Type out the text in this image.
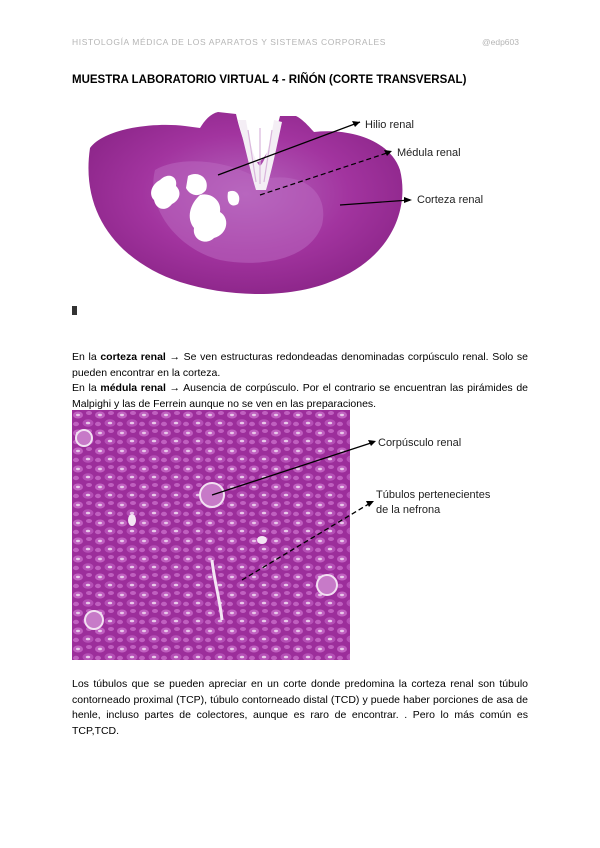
HISTOLOGÍA MÉDICA DE LOS APARATOS Y SISTEMAS CORPORALES	@edp603
MUESTRA LABORATORIO VIRTUAL 4 - RIÑÓN (CORTE TRANSVERSAL)
Hilio renal
Médula renal
Corteza renal
En la corteza renal → Se ven estructuras redondeadas denominadas corpúsculo renal. Solo se pueden encontrar en la corteza.
En la médula renal → Ausencia de corpúsculo. Por el contrario se encuentran las pirámides de Malpighi y las de Ferrein aunque no se ven en las preparaciones.
Corpúsculo renal
Túbulos pertenecientes
de la nefrona
Los túbulos que se pueden apreciar en un corte donde predomina la corteza renal son túbulo contorneado proximal (TCP), túbulo contorneado distal (TCD) y puede haber porciones de asa de henle, incluso partes de colectores, aunque es raro de encontrar. . Pero lo más común es TCP,TCD.
